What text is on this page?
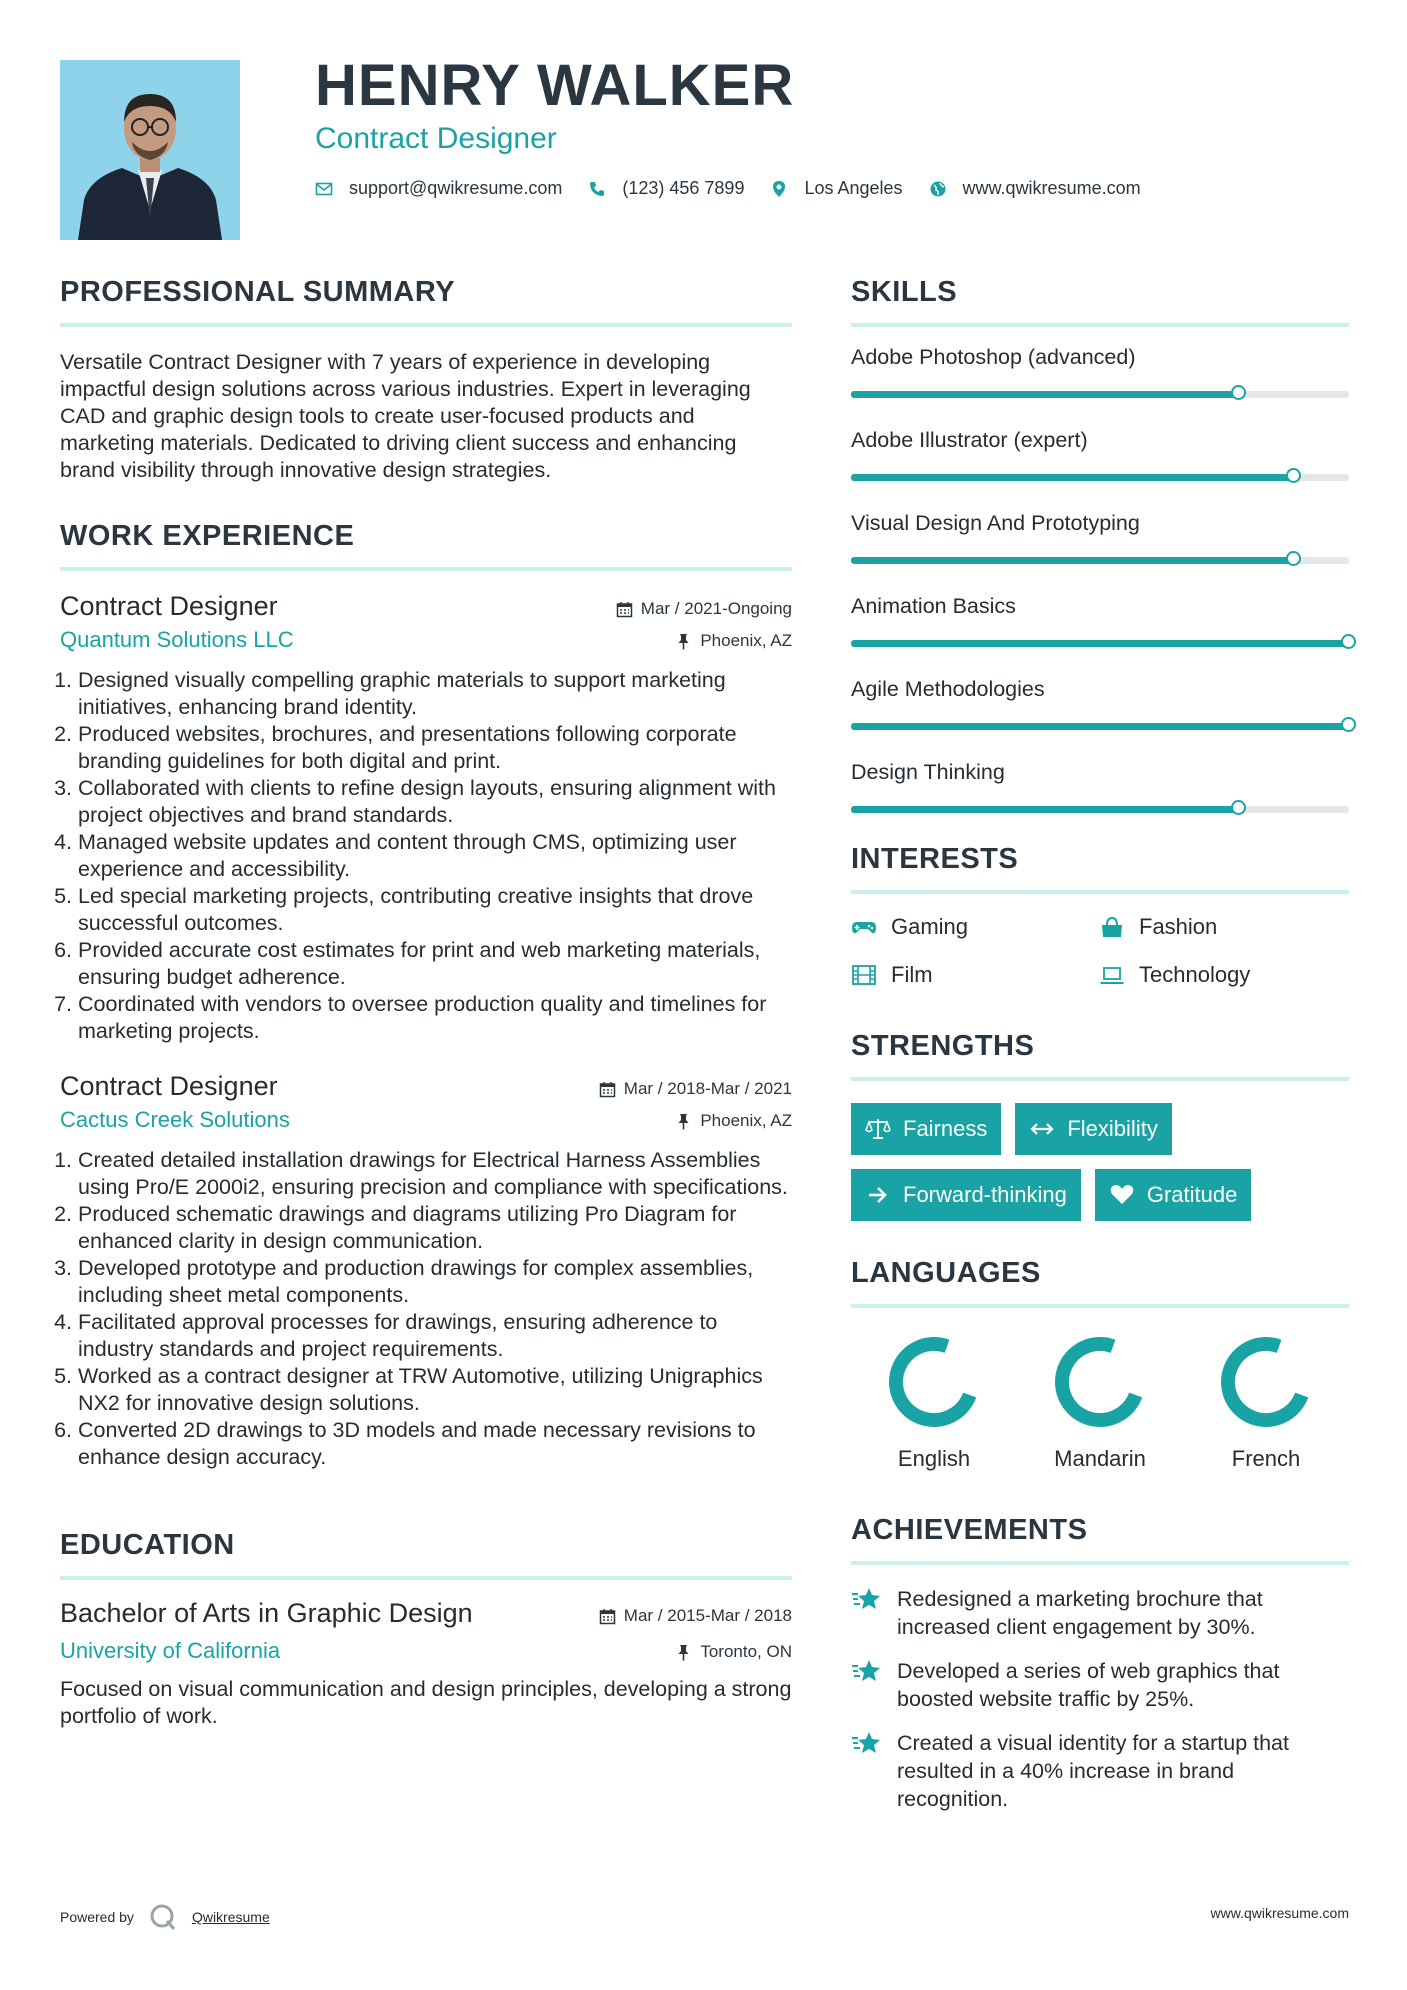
HENRY WALKER
Contract Designer
support@qwikresume.com	(123) 456 7899	Los Angeles	www.qwikresume.com
PROFESSIONAL SUMMARY
Versatile Contract Designer with 7 years of experience in developing impactful design solutions across various industries. Expert in leveraging CAD and graphic design tools to create user-focused products and marketing materials. Dedicated to driving client success and enhancing brand visibility through innovative design strategies.
WORK EXPERIENCE
Contract Designer	Mar / 2021-Ongoing
Quantum Solutions LLC	Phoenix, AZ
1. Designed visually compelling graphic materials to support marketing initiatives, enhancing brand identity.
2. Produced websites, brochures, and presentations following corporate branding guidelines for both digital and print.
3. Collaborated with clients to refine design layouts, ensuring alignment with project objectives and brand standards.
4. Managed website updates and content through CMS, optimizing user experience and accessibility.
5. Led special marketing projects, contributing creative insights that drove successful outcomes.
6. Provided accurate cost estimates for print and web marketing materials, ensuring budget adherence.
7. Coordinated with vendors to oversee production quality and timelines for marketing projects.
Contract Designer	Mar / 2018-Mar / 2021
Cactus Creek Solutions	Phoenix, AZ
1. Created detailed installation drawings for Electrical Harness Assemblies using Pro/E 2000i2, ensuring precision and compliance with specifications.
2. Produced schematic drawings and diagrams utilizing Pro Diagram for enhanced clarity in design communication.
3. Developed prototype and production drawings for complex assemblies, including sheet metal components.
4. Facilitated approval processes for drawings, ensuring adherence to industry standards and project requirements.
5. Worked as a contract designer at TRW Automotive, utilizing Unigraphics NX2 for innovative design solutions.
6. Converted 2D drawings to 3D models and made necessary revisions to enhance design accuracy.
EDUCATION
Bachelor of Arts in Graphic Design	Mar / 2015-Mar / 2018
University of California	Toronto, ON
Focused on visual communication and design principles, developing a strong portfolio of work.
SKILLS
Adobe Photoshop (advanced)
Adobe Illustrator (expert)
Visual Design And Prototyping
Animation Basics
Agile Methodologies
Design Thinking
INTERESTS
Gaming	Fashion
Film	Technology
STRENGTHS
Fairness	Flexibility
Forward-thinking	Gratitude
LANGUAGES
English	Mandarin	French
ACHIEVEMENTS
Redesigned a marketing brochure that increased client engagement by 30%.
Developed a series of web graphics that boosted website traffic by 25%.
Created a visual identity for a startup that resulted in a 40% increase in brand recognition.
Powered by	Qwikresume	www.qwikresume.com
